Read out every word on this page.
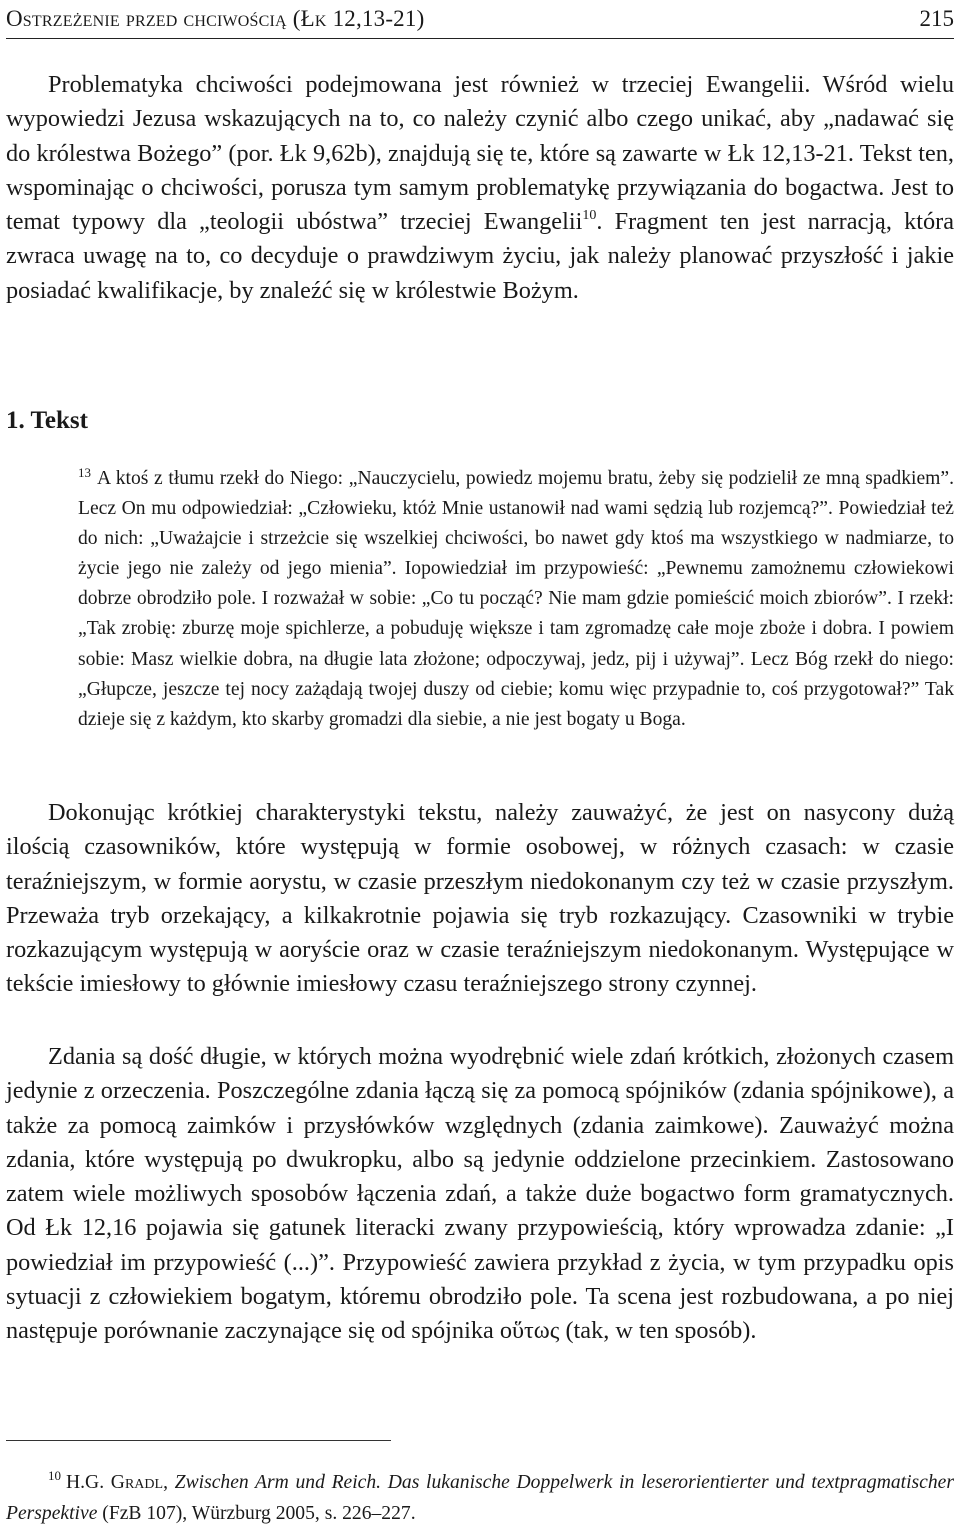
Ostrzeżenie przed chciwością (Łk 12,13-21)	215

Problematyka chciwości podejmowana jest również w trzeciej Ewangelii. Wśród wielu wypowiedzi Jezusa wskazujących na to, co należy czynić albo czego unikać, aby „nadawać się do królestwa Bożego” (por. Łk 9,62b), znajdują się te, które są zawarte w Łk 12,13-21. Tekst ten, wspominając o chciwości, porusza tym samym problematykę przywiązania do bogactwa. Jest to temat typowy dla „teologii ubóstwa” trzeciej Ewangelii$^{10}$. Fragment ten jest narracją, która zwraca uwagę na to, co decyduje o prawdziwym życiu, jak należy planować przyszłość i jakie posiadać kwalifikacje, by znaleźć się w królestwie Bożym.

1. Tekst

$^{13}$ A ktoś z tłumu rzekł do Niego: „Nauczycielu, powiedz mojemu bratu, żeby się podzielił ze mną spadkiem”. Lecz On mu odpowiedział: „Człowieku, któż Mnie ustanowił nad wami sędzią lub rozjemcą?”. Powiedział też do nich: „Uważajcie i strzeżcie się wszelkiej chciwości, bo nawet gdy ktoś ma wszystkiego w nadmiarze, to życie jego nie zależy od jego mienia”. Iopowiedział im przypowieść: „Pewnemu zamożnemu człowiekowi dobrze obrodziło pole. I rozważał w sobie: „Co tu począć? Nie mam gdzie pomieścić moich zbiorów”. I rzekł: „Tak zrobię: zburzę moje spichlerze, a pobuduję większe i tam zgromadzę całe moje zboże i dobra. I powiem sobie: Masz wielkie dobra, na długie lata złożone; odpoczywaj, jedz, pij i używaj”. Lecz Bóg rzekł do niego: „Głupcze, jeszcze tej nocy zażądają twojej duszy od ciebie; komu więc przypadnie to, coś przygotował?” Tak dzieje się z każdym, kto skarby gromadzi dla siebie, a nie jest bogaty u Boga.

Dokonując krótkiej charakterystyki tekstu, należy zauważyć, że jest on nasycony dużą ilością czasowników, które występują w formie osobowej, w różnych czasach: w czasie teraźniejszym, w formie aorystu, w czasie przeszłym niedokonanym czy też w czasie przyszłym. Przeważa tryb orzekający, a kilkakrotnie pojawia się tryb rozkazujący. Czasowniki w trybie rozkazującym występują w aoryście oraz w czasie teraźniejszym niedokonanym. Występujące w tekście imiesłowy to głównie imiesłowy czasu teraźniejszego strony czynnej.

Zdania są dość długie, w których można wyodrębnić wiele zdań krótkich, złożonych czasem jedynie z orzeczenia. Poszczególne zdania łączą się za pomocą spójników (zdania spójnikowe), a także za pomocą zaimków i przysłówków względnych (zdania zaimkowe). Zauważyć można zdania, które występują po dwukropku, albo są jedynie oddzielone przecinkiem. Zastosowano zatem wiele możliwych sposobów łączenia zdań, a także duże bogactwo form gramatycznych. Od Łk 12,16 pojawia się gatunek literacki zwany przypowieścią, który wprowadza zdanie: „I powiedział im przypowieść (...)”. Przypowieść zawiera przykład z życia, w tym przypadku opis sytuacji z człowiekiem bogatym, któremu obrodziło pole. Ta scena jest rozbudowana, a po niej następuje porównanie zaczynające się od spójnika οὕτως (tak, w ten sposób).

$^{10}$ H.G. Gradl, Zwischen Arm und Reich. Das lukanische Doppelwerk in leserorientierter und textpragmatischer Perspektive (FzB 107), Würzburg 2005, s. 226–227.
